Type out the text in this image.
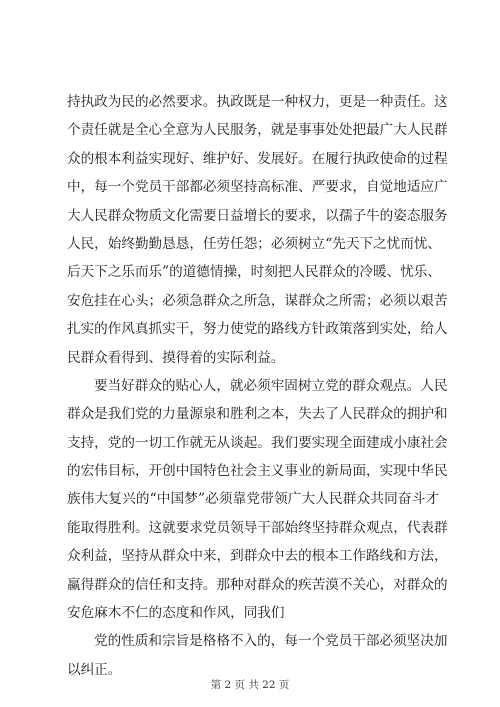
持执政为民的必然要求。执政既是一种权力，更是一种责任。这
个责任就是全心全意为人民服务，就是事事处处把最广大人民群
众的根本利益实现好、维护好、发展好。在履行执政使命的过程
中，每一个党员干部都必须坚持高标准、严要求，自觉地适应广
大人民群众物质文化需要日益增长的要求，以孺子牛的姿态服务
人民，始终勤勤恳恳，任劳任怨；必须树立“先天下之忧而忧、
后天下之乐而乐”的道德情操，时刻把人民群众的冷暖、忧乐、
安危挂在心头；必须急群众之所急，谋群众之所需；必须以艰苦
扎实的作风真抓实干，努力使党的路线方针政策落到实处，给人
民群众看得到、摸得着的实际利益。
要当好群众的贴心人，就必须牢固树立党的群众观点。人民
群众是我们党的力量源泉和胜利之本，失去了人民群众的拥护和
支持，党的一切工作就无从谈起。我们要实现全面建成小康社会
的宏伟目标，开创中国特色社会主义事业的新局面，实现中华民
族伟大复兴的“中国梦”必须靠党带领广大人民群众共同奋斗才
能取得胜利。这就要求党员领导干部始终坚持群众观点，代表群
众利益，坚持从群众中来，到群众中去的根本工作路线和方法，
赢得群众的信任和支持。那种对群众的疾苦漠不关心，对群众的
安危麻木不仁的态度和作风，同我们
党的性质和宗旨是格格不入的，每一个党员干部必须坚决加
以纠正。
第 2 页 共 22 页
